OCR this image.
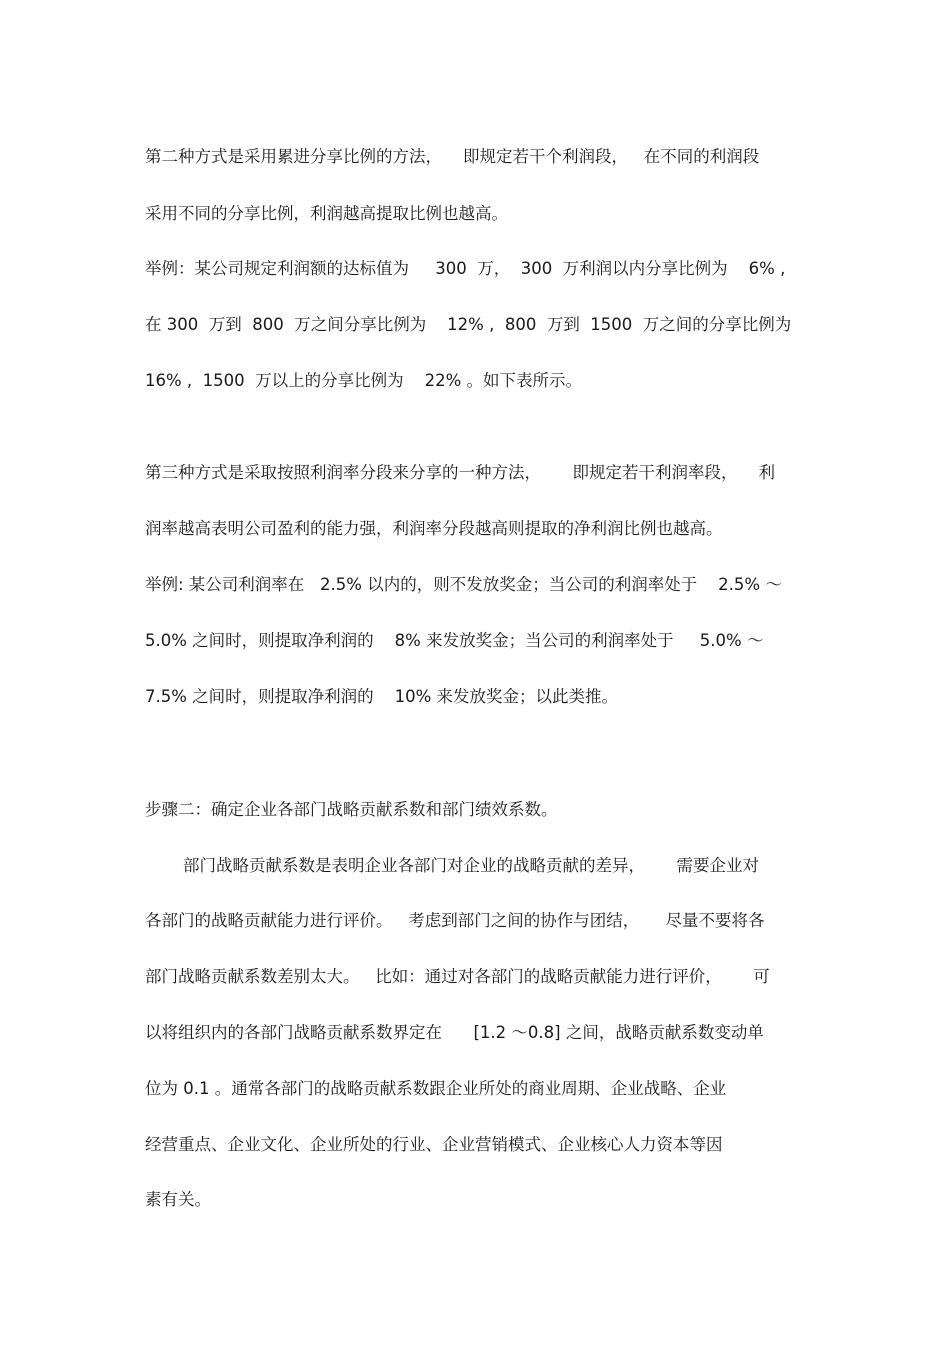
第二种方式是采用累进分享比例的方法，    即规定若干个利润段，   在不同的利润段

采用不同的分享比例，利润越高提取比例也越高。

举例：某公司规定利润额的达标值为     300  万，  300  万利润以内分享比例为    6% ,

在 300  万到  800  万之间分享比例为    12% ,  800  万到  1500  万之间的分享比例为

16% ,  1500  万以上的分享比例为    22% 。如下表所示。

第三种方式是采取按照利润率分段来分享的一种方法，      即规定若干利润率段，    利

润率越高表明公司盈利的能力强，利润率分段越高则提取的净利润比例也越高。

举例: 某公司利润率在   2.5% 以内的，则不发放奖金；当公司的利润率处于    2.5% ～

5.0% 之间时，则提取净利润的    8% 来发放奖金；当公司的利润率处于     5.0% ～

7.5% 之间时，则提取净利润的    10% 来发放奖金；以此类推。

步骤二：确定企业各部门战略贡献系数和部门绩效系数。

部门战略贡献系数是表明企业各部门对企业的战略贡献的差异，      需要企业对

各部门的战略贡献能力进行评价。   考虑到部门之间的协作与团结，     尽量不要将各

部门战略贡献系数差别太大。   比如：通过对各部门的战略贡献能力进行评价，      可

以将组织内的各部门战略贡献系数界定在      [1.2 ～0.8] 之间，战略贡献系数变动单

位为 0.1 。通常各部门的战略贡献系数跟企业所处的商业周期、企业战略、企业

经营重点、企业文化、企业所处的行业、企业营销模式、企业核心人力资本等因

素有关。
